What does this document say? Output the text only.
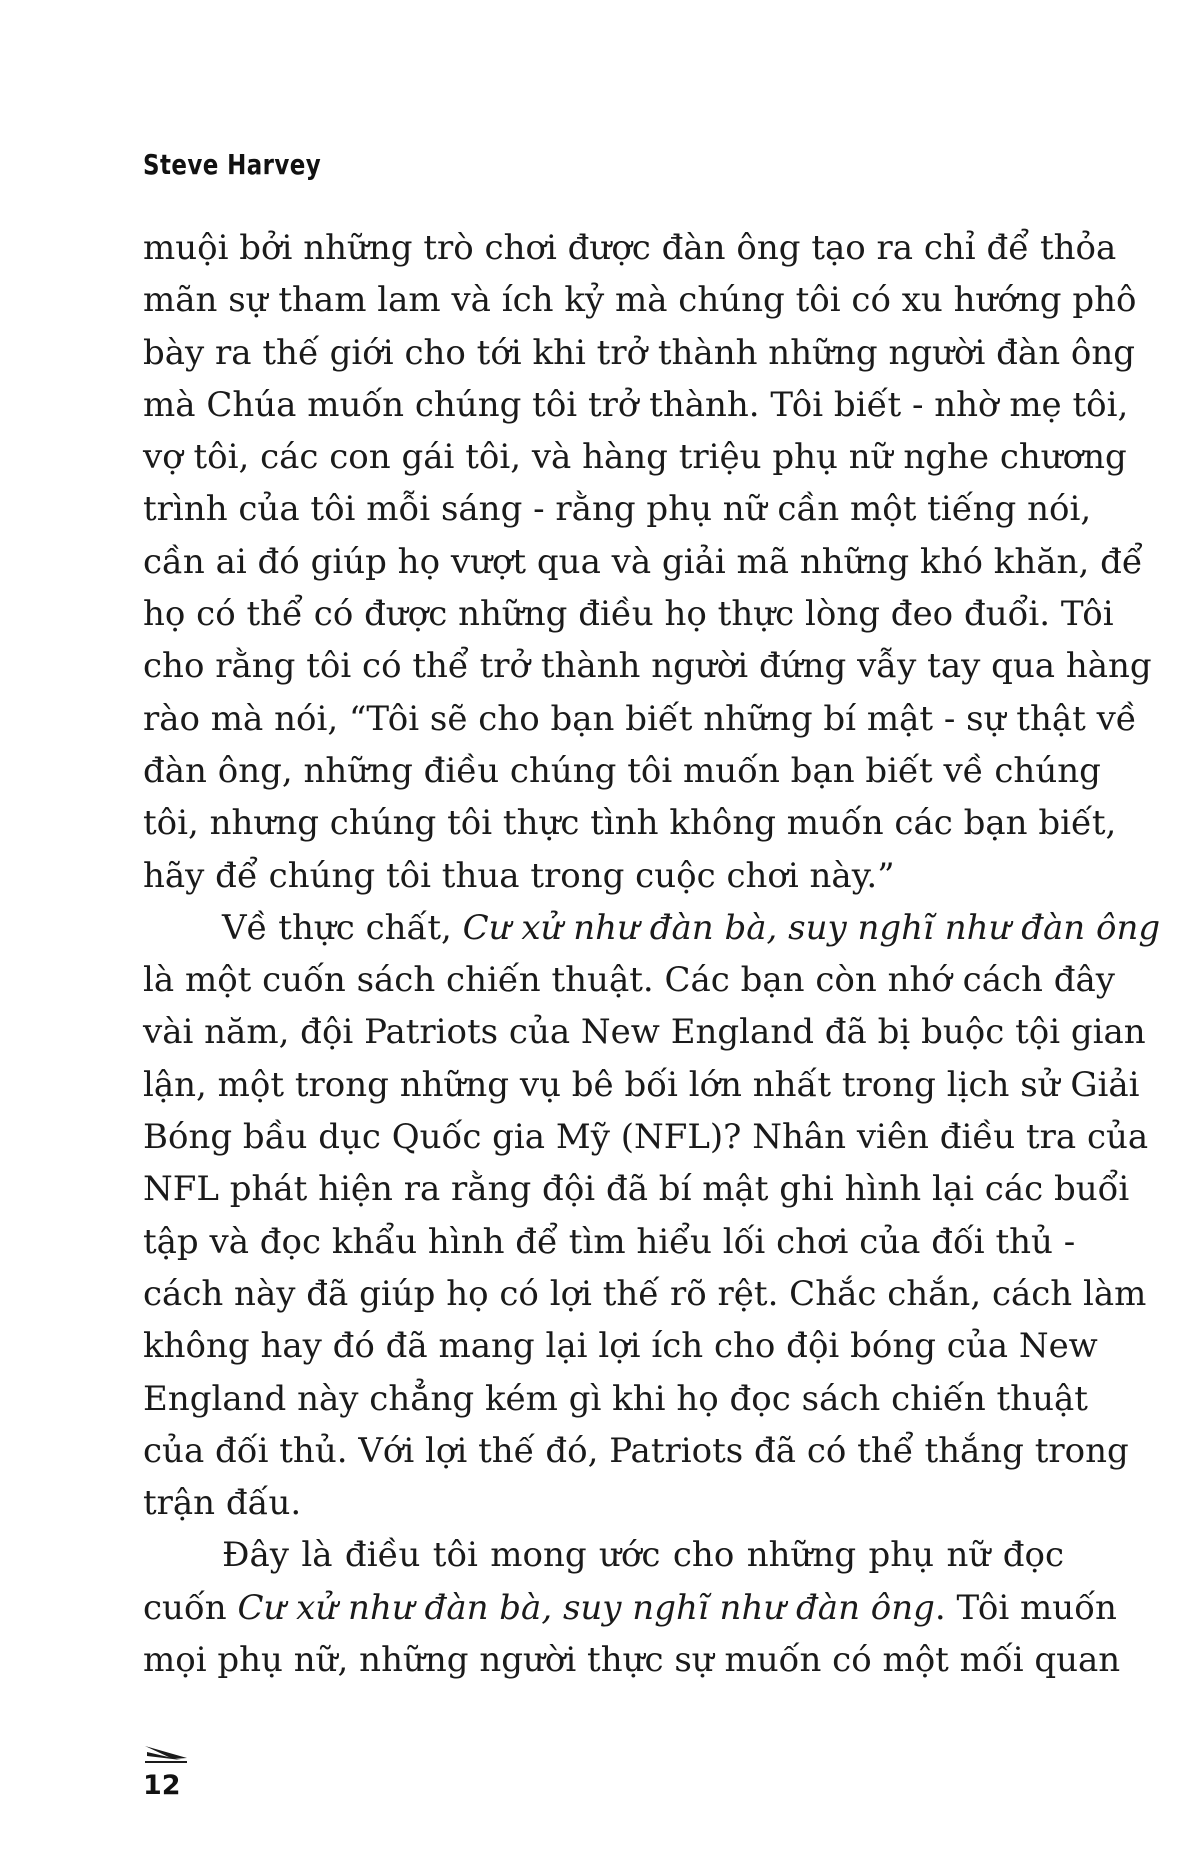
Steve Harvey
muội bởi những trò chơi được đàn ông tạo ra chỉ để thỏa
mãn sự tham lam và ích kỷ mà chúng tôi có xu hướng phô
bày ra thế giới cho tới khi trở thành những người đàn ông
mà Chúa muốn chúng tôi trở thành. Tôi biết - nhờ mẹ tôi,
vợ tôi, các con gái tôi, và hàng triệu phụ nữ nghe chương
trình của tôi mỗi sáng - rằng phụ nữ cần một tiếng nói,
cần ai đó giúp họ vượt qua và giải mã những khó khăn, để
họ có thể có được những điều họ thực lòng đeo đuổi. Tôi
cho rằng tôi có thể trở thành người đứng vẫy tay qua hàng
rào mà nói, “Tôi sẽ cho bạn biết những bí mật - sự thật về
đàn ông, những điều chúng tôi muốn bạn biết về chúng
tôi, nhưng chúng tôi thực tình không muốn các bạn biết,
hãy để chúng tôi thua trong cuộc chơi này.”
Về thực chất, Cư xử như đàn bà, suy nghĩ như đàn ông
là một cuốn sách chiến thuật. Các bạn còn nhớ cách đây
vài năm, đội Patriots của New England đã bị buộc tội gian
lận, một trong những vụ bê bối lớn nhất trong lịch sử Giải
Bóng bầu dục Quốc gia Mỹ (NFL)? Nhân viên điều tra của
NFL phát hiện ra rằng đội đã bí mật ghi hình lại các buổi
tập và đọc khẩu hình để tìm hiểu lối chơi của đối thủ -
cách này đã giúp họ có lợi thế rõ rệt. Chắc chắn, cách làm
không hay đó đã mang lại lợi ích cho đội bóng của New
England này chẳng kém gì khi họ đọc sách chiến thuật
của đối thủ. Với lợi thế đó, Patriots đã có thể thắng trong
trận đấu.
Đây là điều tôi mong ước cho những phụ nữ đọc
cuốn Cư xử như đàn bà, suy nghĩ như đàn ông. Tôi muốn
mọi phụ nữ, những người thực sự muốn có một mối quan
12
